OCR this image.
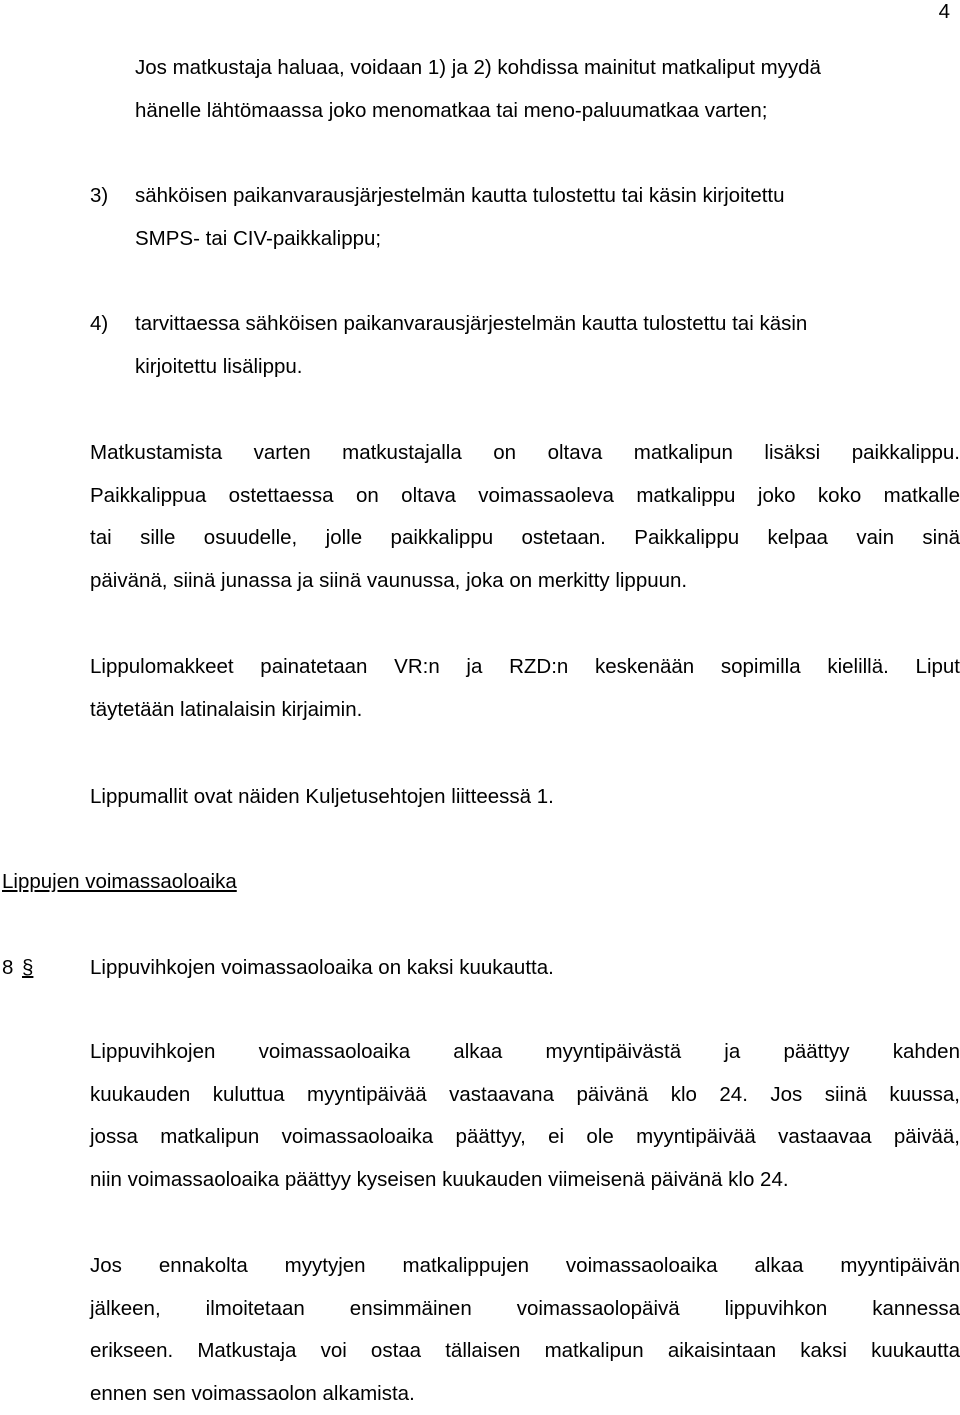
4
Jos matkustaja haluaa, voidaan 1) ja 2) kohdissa mainitut matkaliput myydä
hänelle lähtömaassa joko menomatkaa tai meno-paluumatkaa varten;
3) sähköisen paikanvarausjärjestelmän kautta tulostettu tai käsin kirjoitettu
SMPS- tai CIV-paikkalippu;
4) tarvittaessa sähköisen paikanvarausjärjestelmän kautta tulostettu tai käsin
kirjoitettu lisälippu.
Matkustamista varten matkustajalla on oltava matkalipun lisäksi paikkalippu.
Paikkalippua ostettaessa on oltava voimassaoleva matkalippu joko koko matkalle
tai sille osuudelle, jolle paikkalippu ostetaan. Paikkalippu kelpaa vain sinä
päivänä, siinä junassa ja siinä vaunussa, joka on merkitty lippuun.
Lippulomakkeet painatetaan VR:n ja RZD:n keskenään sopimilla kielillä. Liput
täytetään latinalaisin kirjaimin.
Lippumallit ovat näiden Kuljetusehtojen liitteessä 1.
Lippujen voimassaoloaika
8 §	Lippuvihkojen voimassaoloaika on kaksi kuukautta.
Lippuvihkojen voimassaoloaika alkaa myyntipäivästä ja päättyy kahden
kuukauden kuluttua myyntipäivää vastaavana päivänä klo 24. Jos siinä kuussa,
jossa matkalipun voimassaoloaika päättyy, ei ole myyntipäivää vastaavaa päivää,
niin voimassaoloaika päättyy kyseisen kuukauden viimeisenä päivänä klo 24.
Jos ennakolta myytyjen matkalippujen voimassaoloaika alkaa myyntipäivän
jälkeen, ilmoitetaan ensimmäinen voimassaolopäivä lippuvihkon kannessa
erikseen. Matkustaja voi ostaa tällaisen matkalipun aikaisintaan kaksi kuukautta
ennen sen voimassaolon alkamista.
